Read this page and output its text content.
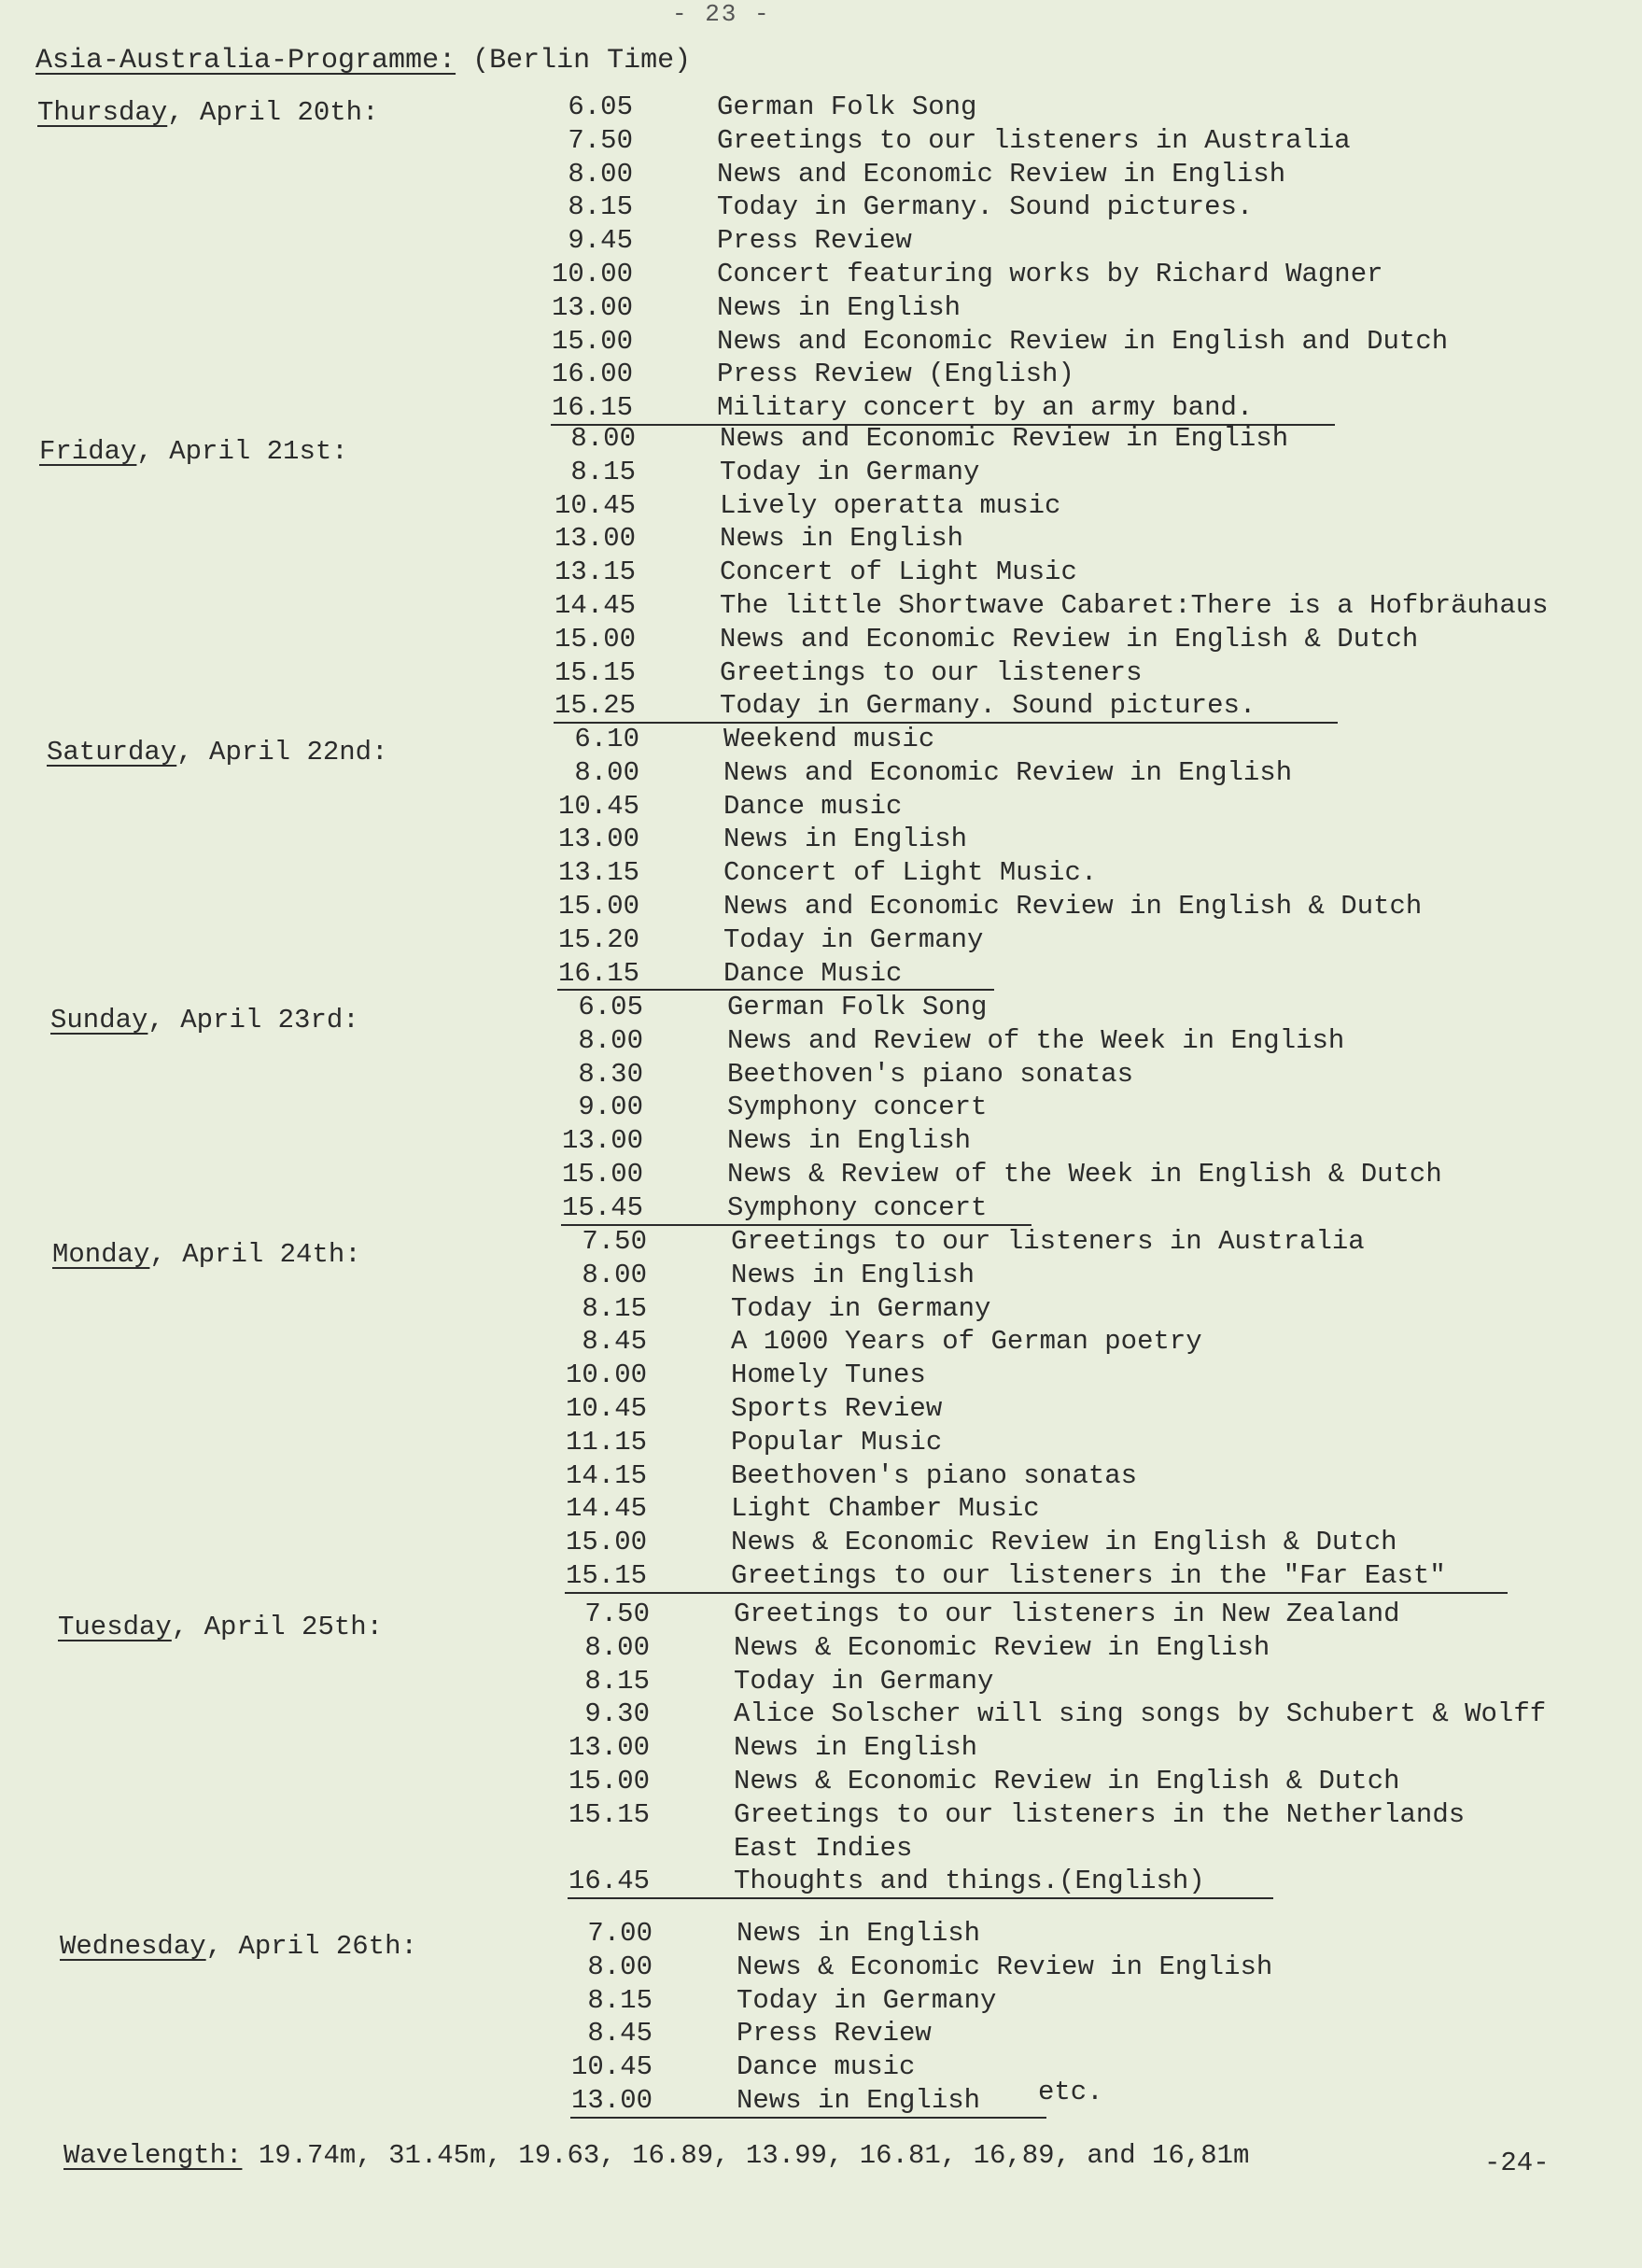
- 23 -
Asia-Australia-Programme: (Berlin Time)
Thursday, April 20th:	6.05	German Folk Song
7.50	Greetings to our listeners in Australia
8.00	News and Economic Review in English
8.15	Today in Germany. Sound pictures.
9.45	Press Review
10.00	Concert featuring works by Richard Wagner
13.00	News in English
15.00	News and Economic Review in English and Dutch
16.00	Press Review (English)
16.15	Military concert by an army band.
Friday, April 21st:	8.00	News and Economic Review in English
8.15	Today in Germany
10.45	Lively operatta music
13.00	News in English
13.15	Concert of Light Music
14.45	The little Shortwave Cabaret:There is a Hofbräuhaus
15.00	News and Economic Review in English & Dutch
15.15	Greetings to our listeners
15.25	Today in Germany. Sound pictures.
Saturday, April 22nd:	6.10	Weekend music
8.00	News and Economic Review in English
10.45	Dance music
13.00	News in English
13.15	Concert of Light Music.
15.00	News and Economic Review in English & Dutch
15.20	Today in Germany
16.15	Dance Music
Sunday, April 23rd:	6.05	German Folk Song
8.00	News and Review of the Week in English
8.30	Beethoven's piano sonatas
9.00	Symphony concert
13.00	News in English
15.00	News & Review of the Week in English & Dutch
15.45	Symphony concert
Monday, April 24th:	7.50	Greetings to our listeners in Australia
8.00	News in English
8.15	Today in Germany
8.45	A 1000 Years of German poetry
10.00	Homely Tunes
10.45	Sports Review
11.15	Popular Music
14.15	Beethoven's piano sonatas
14.45	Light Chamber Music
15.00	News & Economic Review in English & Dutch
15.15	Greetings to our listeners in the "Far East"
Tuesday, April 25th:	7.50	Greetings to our listeners in New Zealand
8.00	News & Economic Review in English
8.15	Today in Germany
9.30	Alice Solscher will sing songs by Schubert & Wolff
13.00	News in English
15.00	News & Economic Review in English & Dutch
15.15	Greetings to our listeners in the Netherlands
East Indies
16.45	Thoughts and things.(English)
Wednesday, April 26th:	7.00	News in English
8.00	News & Economic Review in English
8.15	Today in Germany
8.45	Press Review
10.45	Dance music
13.00	News in English etc.
Wavelength: 19.74m, 31.45m, 19.63, 16.89, 13.99, 16.81, 16,89, and 16,81m	-24-
